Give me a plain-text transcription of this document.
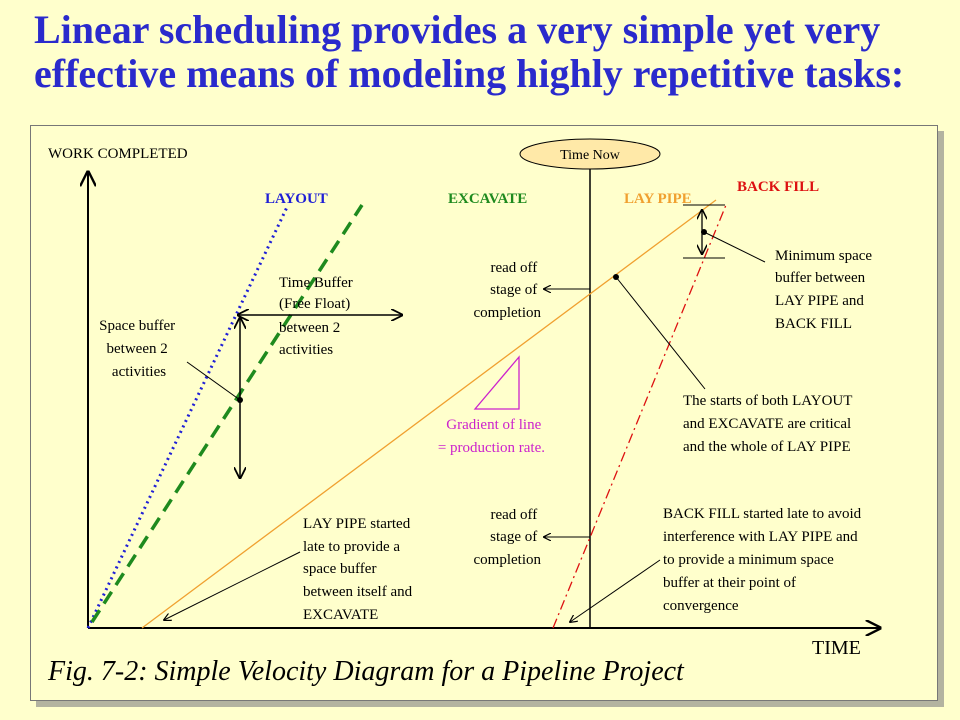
Linear scheduling provides a very simple yet very
effective means of modeling highly repetitive tasks:
WORK COMPLETED
TIME
Time Now
LAYOUT	EXCAVATE	LAY PIPE
BACK FILL
Time Buffer (Free Float) between 2 activities
Space buffer between 2 activities
read off stage of completion
Gradient of line = production rate.
read off stage of completion
Minimum space buffer between LAY PIPE and BACK FILL
The starts of both LAYOUT and EXCAVATE are critical and the whole of LAY PIPE
LAY PIPE started late to provide a space buffer between itself and EXCAVATE
BACK FILL started late to avoid interference with LAY PIPE and to provide a minimum space buffer at their point of convergence
Fig. 7-2: Simple Velocity Diagram for a Pipeline Project
